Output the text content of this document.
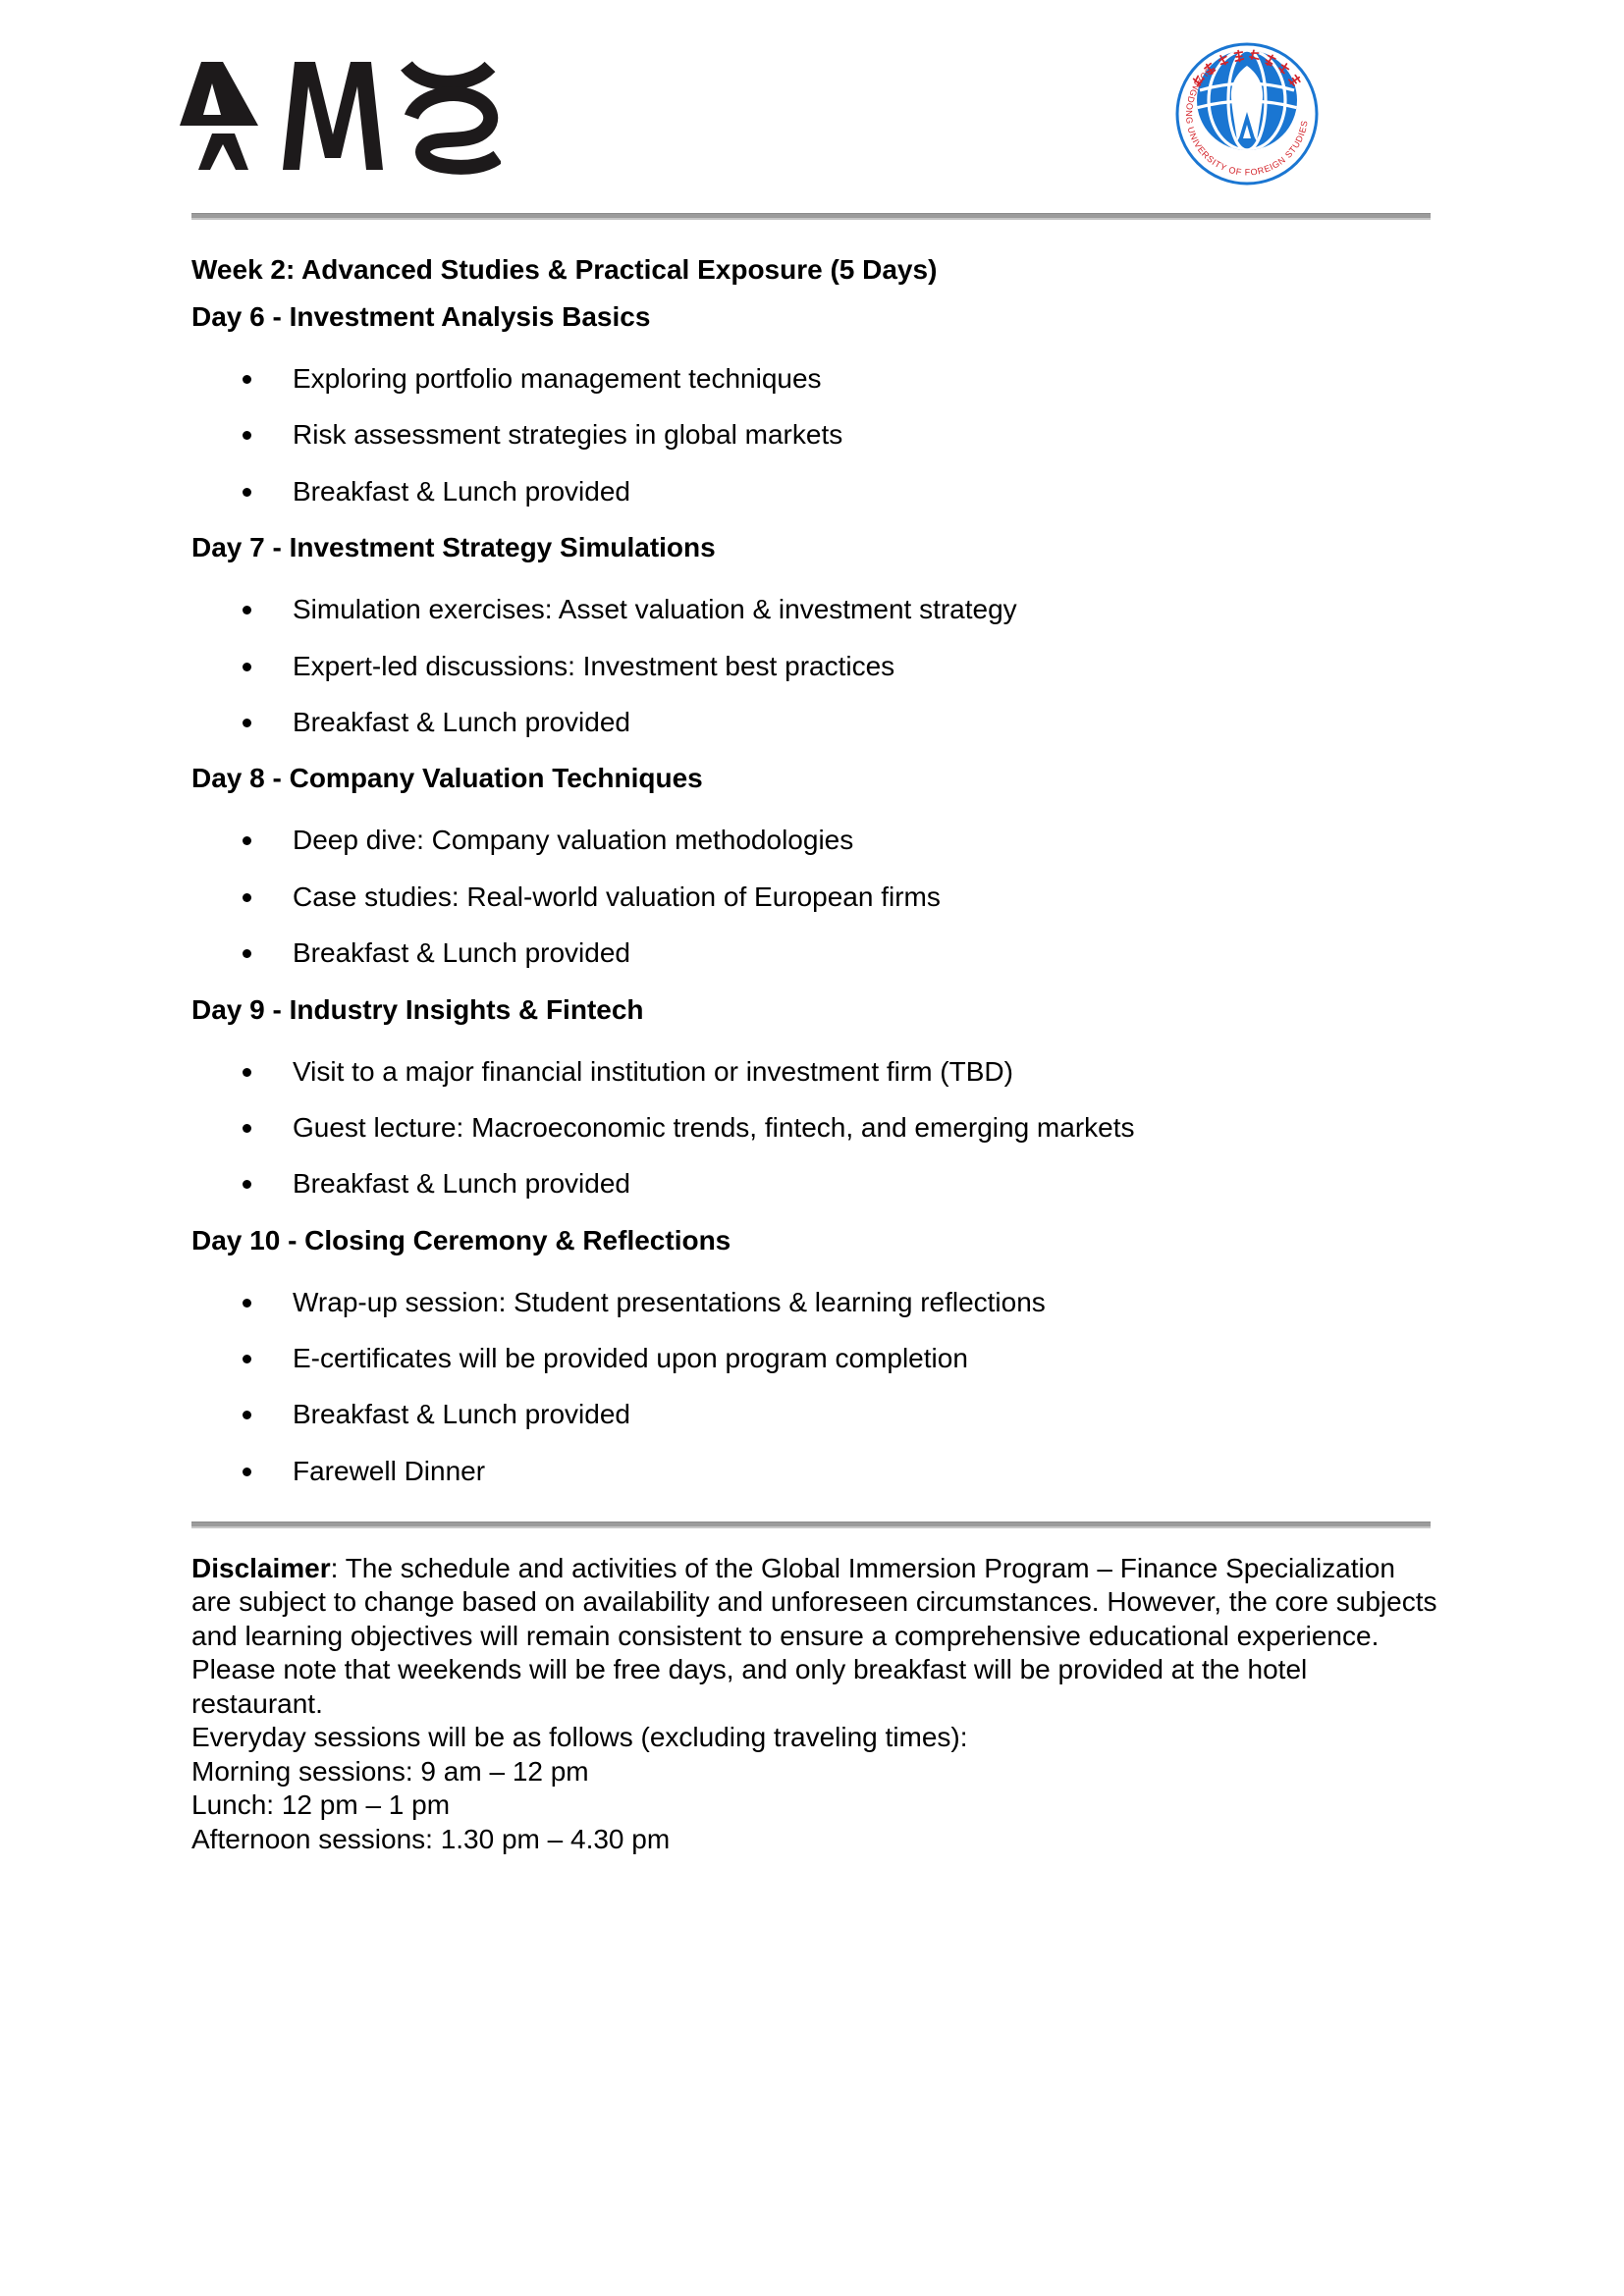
GUANGDONG UNIVERSITY OF FOREIGN STUDIES
Week 2: Advanced Studies & Practical Exposure (5 Days)
Day 6 - Investment Analysis Basics
Exploring portfolio management techniques
Risk assessment strategies in global markets
Breakfast & Lunch provided
Day 7 - Investment Strategy Simulations
Simulation exercises: Asset valuation & investment strategy
Expert-led discussions: Investment best practices
Breakfast & Lunch provided
Day 8 - Company Valuation Techniques
Deep dive: Company valuation methodologies
Case studies: Real-world valuation of European firms
Breakfast & Lunch provided
Day 9 - Industry Insights & Fintech
Visit to a major financial institution or investment firm (TBD)
Guest lecture: Macroeconomic trends, fintech, and emerging markets
Breakfast & Lunch provided
Day 10 - Closing Ceremony & Reflections
Wrap-up session: Student presentations & learning reflections
E-certificates will be provided upon program completion
Breakfast & Lunch provided
Farewell Dinner
Disclaimer: The schedule and activities of the Global Immersion Program – Finance Specialization
are subject to change based on availability and unforeseen circumstances. However, the core subjects
and learning objectives will remain consistent to ensure a comprehensive educational experience.
Please note that weekends will be free days, and only breakfast will be provided at the hotel
restaurant.
Everyday sessions will be as follows (excluding traveling times):
Morning sessions: 9 am – 12 pm
Lunch: 12 pm – 1 pm
Afternoon sessions: 1.30 pm – 4.30 pm
